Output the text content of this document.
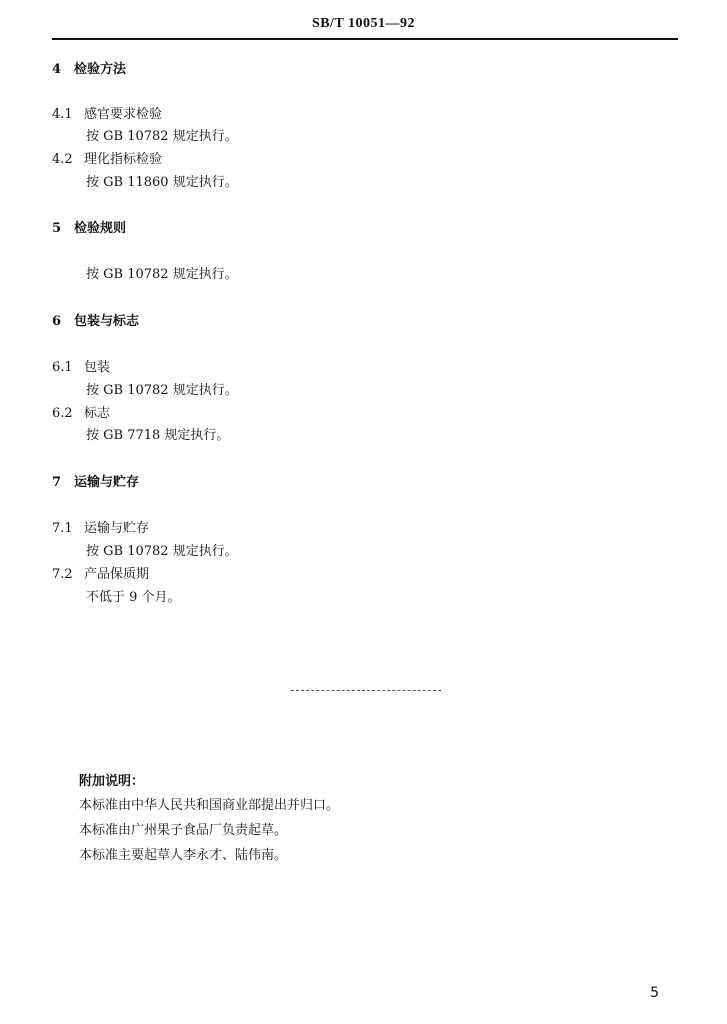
SB/T 10051—92
4 检验方法
4.1 感官要求检验
按 GB 10782 规定执行。
4.2 理化指标检验
按 GB 11860 规定执行。
5 检验规则
按 GB 10782 规定执行。
6 包装与标志
6.1 包装
按 GB 10782 规定执行。
6.2 标志
按 GB 7718 规定执行。
7 运输与贮存
7.1 运输与贮存
按 GB 10782 规定执行。
7.2 产品保质期
不低于 9 个月。
附加说明：
本标准由中华人民共和国商业部提出并归口。
本标准由广州果子食品厂负责起草。
本标准主要起草人李永才、陆伟南。
5
